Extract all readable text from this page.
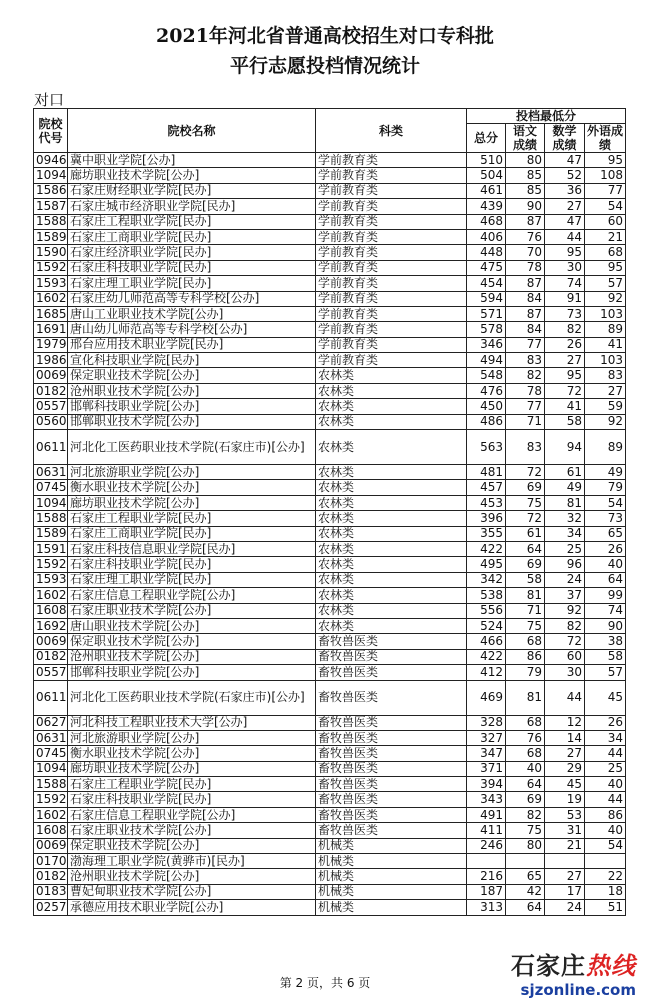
2021年河北省普通高校招生对口专科批
平行志愿投档情况统计
对口
院校代号	院校名称	科类	投档最低分			
			总分	语文成绩	数学成绩	外语成绩
0946	冀中职业学院[公办]	学前教育类	510	80	47	95
1094	廊坊职业技术学院[公办]	学前教育类	504	85	52	108
1586	石家庄财经职业学院[民办]	学前教育类	461	85	36	77
1587	石家庄城市经济职业学院[民办]	学前教育类	439	90	27	54
1588	石家庄工程职业学院[民办]	学前教育类	468	87	47	60
1589	石家庄工商职业学院[民办]	学前教育类	406	76	44	21
1590	石家庄经济职业学院[民办]	学前教育类	448	70	95	68
1592	石家庄科技职业学院[民办]	学前教育类	475	78	30	95
1593	石家庄理工职业学院[民办]	学前教育类	454	87	74	57
1602	石家庄幼儿师范高等专科学校[公办]	学前教育类	594	84	91	92
1685	唐山工业职业技术学院[公办]	学前教育类	571	87	73	103
1691	唐山幼儿师范高等专科学校[公办]	学前教育类	578	84	82	89
1979	邢台应用技术职业学院[民办]	学前教育类	346	77	26	41
1986	宣化科技职业学院[民办]	学前教育类	494	83	27	103
0069	保定职业技术学院[公办]	农林类	548	82	95	83
0182	沧州职业技术学院[公办]	农林类	476	78	72	27
0557	邯郸科技职业学院[公办]	农林类	450	77	41	59
0560	邯郸职业技术学院[公办]	农林类	486	71	58	92
0611	河北化工医药职业技术学院(石家庄市)[公办]	农林类	563	83	94	89
0631	河北旅游职业学院[公办]	农林类	481	72	61	49
0745	衡水职业技术学院[公办]	农林类	457	69	49	79
1094	廊坊职业技术学院[公办]	农林类	453	75	81	54
1588	石家庄工程职业学院[民办]	农林类	396	72	32	73
1589	石家庄工商职业学院[民办]	农林类	355	61	34	65
1591	石家庄科技信息职业学院[民办]	农林类	422	64	25	26
1592	石家庄科技职业学院[民办]	农林类	495	69	96	40
1593	石家庄理工职业学院[民办]	农林类	342	58	24	64
1602	石家庄信息工程职业学院[公办]	农林类	538	81	37	99
1608	石家庄职业技术学院[公办]	农林类	556	71	92	74
1692	唐山职业技术学院[公办]	农林类	524	75	82	90
0069	保定职业技术学院[公办]	畜牧兽医类	466	68	72	38
0182	沧州职业技术学院[公办]	畜牧兽医类	422	86	60	58
0557	邯郸科技职业学院[公办]	畜牧兽医类	412	79	30	57
0611	河北化工医药职业技术学院(石家庄市)[公办]	畜牧兽医类	469	81	44	45
0627	河北科技工程职业技术大学[公办]	畜牧兽医类	328	68	12	26
0631	河北旅游职业学院[公办]	畜牧兽医类	327	76	14	34
0745	衡水职业技术学院[公办]	畜牧兽医类	347	68	27	44
1094	廊坊职业技术学院[公办]	畜牧兽医类	371	40	29	25
1588	石家庄工程职业学院[民办]	畜牧兽医类	394	64	45	40
1592	石家庄科技职业学院[民办]	畜牧兽医类	343	69	19	44
1602	石家庄信息工程职业学院[公办]	畜牧兽医类	491	82	53	86
1608	石家庄职业技术学院[公办]	畜牧兽医类	411	75	31	40
0069	保定职业技术学院[公办]	机械类	246	80	21	54
0170	渤海理工职业学院(黄骅市)[民办]	机械类				
0182	沧州职业技术学院[公办]	机械类	216	65	27	22
0183	曹妃甸职业技术学院[公办]	机械类	187	42	17	18
0257	承德应用技术职业学院[公办]	机械类	313	64	24	51
第 2 页，共 6 页
石家庄热线
sjzonline.com
